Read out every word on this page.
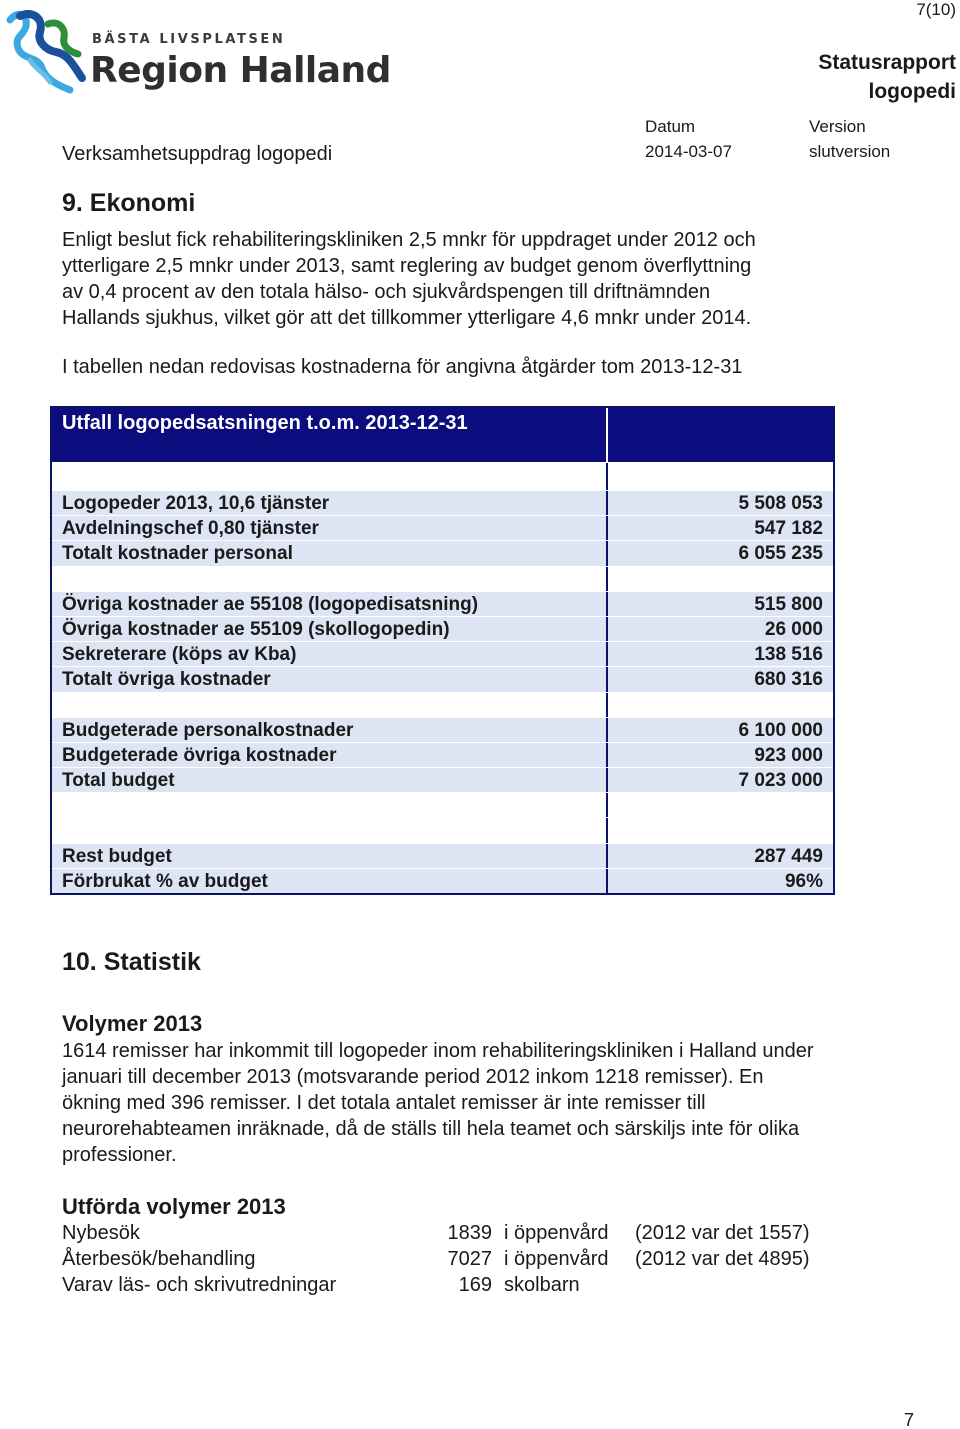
BÄSTA LIVSPLATSEN
Region Halland
7(10)
Statusrapport
logopedi
Verksamhetsuppdrag logopedi
Datum
2014-03-07
Version
slutversion
9. Ekonomi
Enligt beslut fick rehabiliteringskliniken 2,5 mnkr för uppdraget under 2012 och
ytterligare 2,5 mnkr under 2013, samt reglering av budget genom överflyttning
av 0,4 procent av den totala hälso- och sjukvårdspengen till driftnämnden
Hallands sjukhus, vilket gör att det tillkommer ytterligare 4,6 mnkr under 2014.
I tabellen nedan redovisas kostnaderna för angivna åtgärder tom 2013-12-31
Utfall logopedsatsningen t.o.m. 2013-12-31
Logopeder 2013, 10,6 tjänster	5 508 053
Avdelningschef 0,80 tjänster	547 182
Totalt kostnader personal	6 055 235
Övriga kostnader ae 55108 (logopedisatsning)	515 800
Övriga kostnader ae 55109 (skollogopedin)	26 000
Sekreterare (köps av Kba)	138 516
Totalt övriga kostnader	680 316
Budgeterade personalkostnader	6 100 000
Budgeterade övriga kostnader	923 000
Total budget	7 023 000
Rest budget	287 449
Förbrukat % av budget	96%
10. Statistik
Volymer 2013
1614 remisser har inkommit till logopeder inom rehabiliteringskliniken i Halland under
januari till december 2013 (motsvarande period 2012 inkom 1218 remisser). En
ökning med 396 remisser. I det totala antalet remisser är inte remisser till
neurorehabteamen inräknade, då de ställs till hela teamet och särskiljs inte för olika
professioner.
Utförda volymer 2013
Nybesök	1839 i öppenvård (2012 var det 1557)
Återbesök/behandling	7027 i öppenvård (2012 var det 4895)
Varav läs- och skrivutredningar	169 skolbarn
7
